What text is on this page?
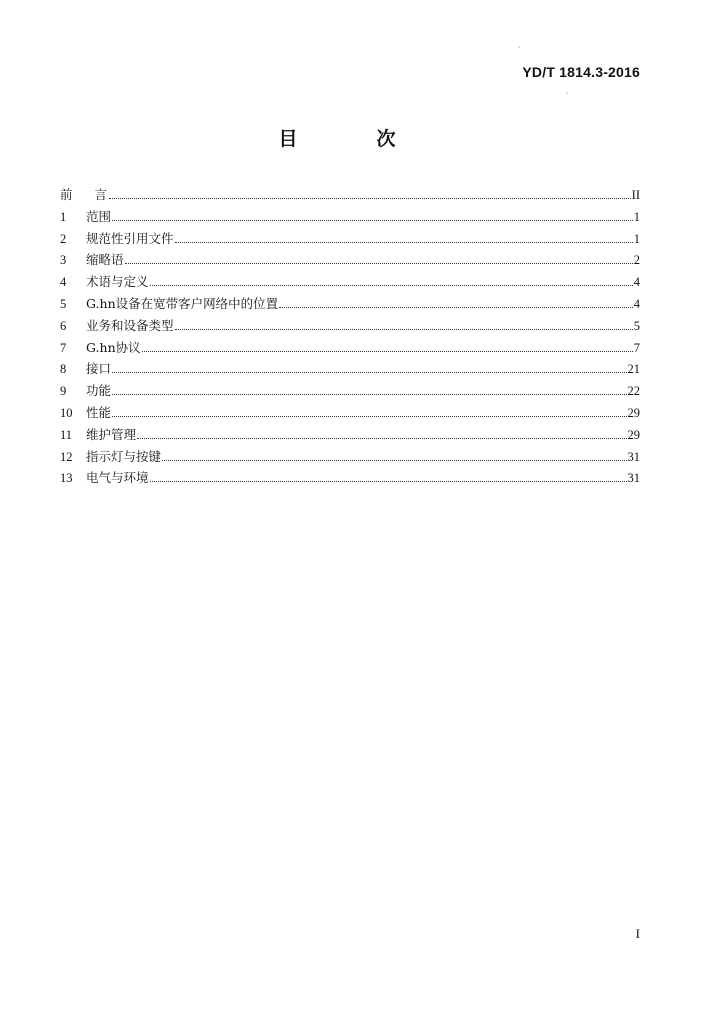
YD/T 1814.3-2016
目　次
前言	II
1	范围	1
2	规范性引用文件	1
3	缩略语	2
4	术语与定义	4
5	G.hn设备在宽带客户网络中的位置	4
6	业务和设备类型	5
7	G.hn协议	7
8	接口	21
9	功能	22
10	性能	29
11	维护管理	29
12	指示灯与按键	31
13	电气与环境	31
I
